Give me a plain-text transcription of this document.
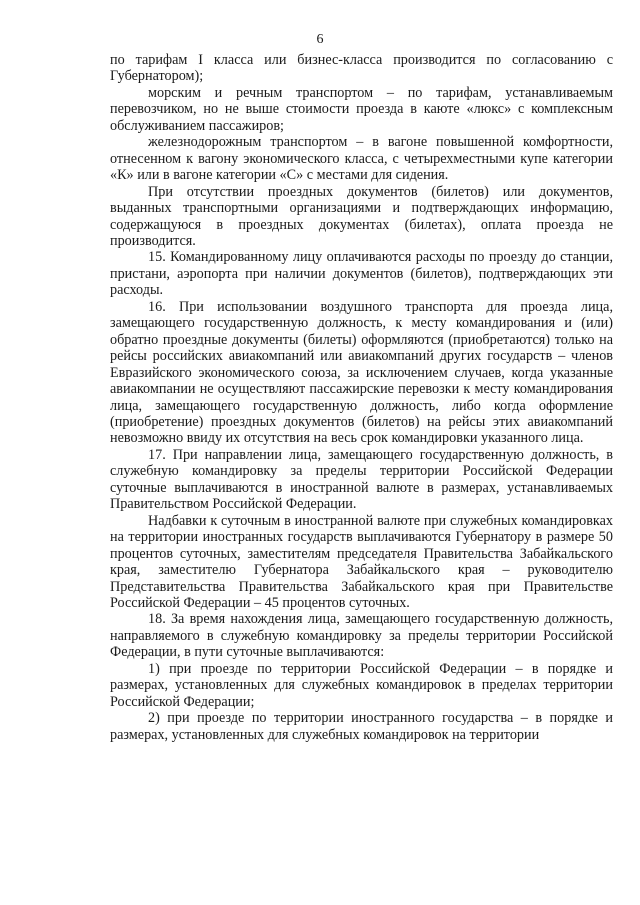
6

по тарифам I класса или бизнес-класса производится по согласованию с Губернатором);

морским и речным транспортом – по тарифам, устанавливаемым перевозчиком, но не выше стоимости проезда в каюте «люкс» с комплексным обслуживанием пассажиров;

железнодорожным транспортом – в вагоне повышенной комфортности, отнесенном к вагону экономического класса, с четырехместными купе категории «К» или в вагоне категории «С» с местами для сидения.

При отсутствии проездных документов (билетов) или документов, выданных транспортными организациями и подтверждающих информацию, содержащуюся в проездных документах (билетах), оплата проезда не производится.

15. Командированному лицу оплачиваются расходы по проезду до станции, пристани, аэропорта при наличии документов (билетов), подтверждающих эти расходы.

16. При использовании воздушного транспорта для проезда лица, замещающего государственную должность, к месту командирования и (или) обратно проездные документы (билеты) оформляются (приобретаются) только на рейсы российских авиакомпаний или авиакомпаний других государств – членов Евразийского экономического союза, за исключением случаев, когда указанные авиакомпании не осуществляют пассажирские перевозки к месту командирования лица, замещающего государственную должность, либо когда оформление (приобретение) проездных документов (билетов) на рейсы этих авиакомпаний невозможно ввиду их отсутствия на весь срок командировки указанного лица.

17. При направлении лица, замещающего государственную должность, в служебную командировку за пределы территории Российской Федерации суточные выплачиваются в иностранной валюте в размерах, устанавливаемых Правительством Российской Федерации.

Надбавки к суточным в иностранной валюте при служебных командировках на территории иностранных государств выплачиваются Губернатору в размере 50 процентов суточных, заместителям председателя Правительства Забайкальского края, заместителю Губернатора Забайкальского края – руководителю Представительства Правительства Забайкальского края при Правительстве Российской Федерации – 45 процентов суточных.

18. За время нахождения лица, замещающего государственную должность, направляемого в служебную командировку за пределы территории Российской Федерации, в пути суточные выплачиваются:

1) при проезде по территории Российской Федерации – в порядке и размерах, установленных для служебных командировок в пределах территории Российской Федерации;

2) при проезде по территории иностранного государства – в порядке и размерах, установленных для служебных командировок на территории
